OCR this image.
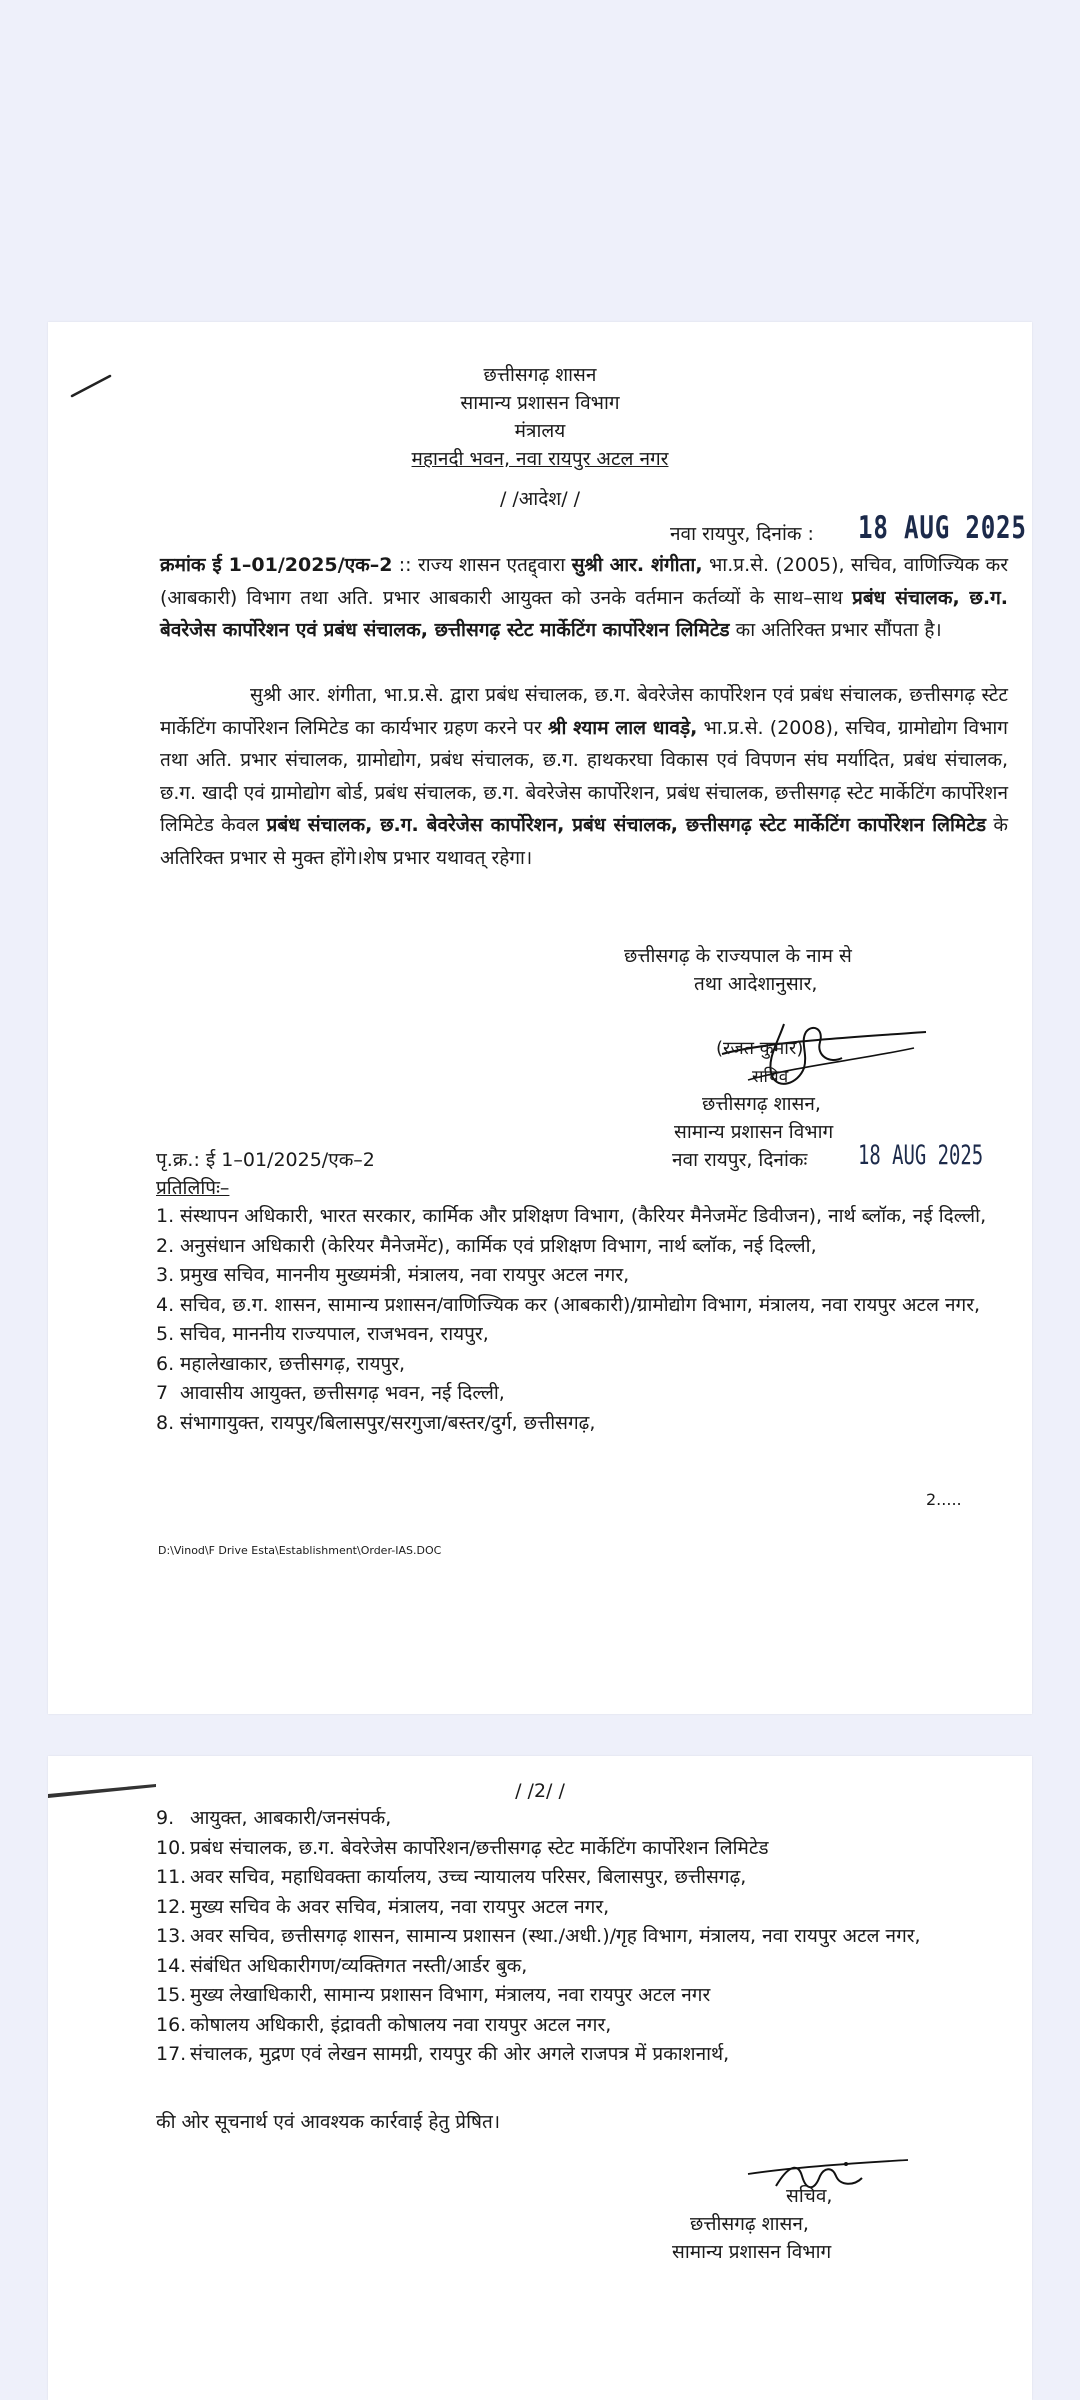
छत्तीसगढ़ शासन
सामान्य प्रशासन विभाग
मंत्रालय
महानदी भवन, नवा रायपुर अटल नगर
/ /आदेश/ /
नवा रायपुर, दिनांक : 18 AUG 2025
क्रमांक ई 1–01/2025/एक–2 :: राज्य शासन एतद्द्वारा सुश्री आर. शंगीता, भा.प्र.से. (2005), सचिव, वाणिज्यिक कर (आबकारी) विभाग तथा अति. प्रभार आबकारी आयुक्त को उनके वर्तमान कर्तव्यों के साथ–साथ प्रबंध संचालक, छ.ग. बेवरेजेस कार्पोरेशन एवं प्रबंध संचालक, छत्तीसगढ़ स्टेट मार्केटिंग कार्पोरेशन लिमिटेड का अतिरिक्त प्रभार सौंपता है।
सुश्री आर. शंगीता, भा.प्र.से. द्वारा प्रबंध संचालक, छ.ग. बेवरेजेस कार्पोरेशन एवं प्रबंध संचालक, छत्तीसगढ़ स्टेट मार्केटिंग कार्पोरेशन लिमिटेड का कार्यभार ग्रहण करने पर श्री श्याम लाल धावड़े, भा.प्र.से. (2008), सचिव, ग्रामोद्योग विभाग तथा अति. प्रभार संचालक, ग्रामोद्योग, प्रबंध संचालक, छ.ग. हाथकरघा विकास एवं विपणन संघ मर्यादित, प्रबंध संचालक, छ.ग. खादी एवं ग्रामोद्योग बोर्ड, प्रबंध संचालक, छ.ग. बेवरेजेस कार्पोरेशन, प्रबंध संचालक, छत्तीसगढ़ स्टेट मार्केटिंग कार्पोरेशन लिमिटेड केवल प्रबंध संचालक, छ.ग. बेवरेजेस कार्पोरेशन, प्रबंध संचालक, छत्तीसगढ़ स्टेट मार्केटिंग कार्पोरेशन लिमिटेड के अतिरिक्त प्रभार से मुक्त होंगे।शेष प्रभार यथावत् रहेगा।
छत्तीसगढ़ के राज्यपाल के नाम से
तथा आदेशानुसार,
(रजत कुमार)
सचिव
छत्तीसगढ़ शासन,
सामान्य प्रशासन विभाग
पृ.क्र.: ई 1–01/2025/एक–2	नवा रायपुर, दिनांकः 18 AUG 2025
प्रतिलिपिः–
1. संस्थापन अधिकारी, भारत सरकार, कार्मिक और प्रशिक्षण विभाग, (कैरियर मैनेजमेंट डिवीजन), नार्थ ब्लॉक, नई दिल्ली,
2. अनुसंधान अधिकारी (केरियर मैनेजमेंट), कार्मिक एवं प्रशिक्षण विभाग, नार्थ ब्लॉक, नई दिल्ली,
3. प्रमुख सचिव, माननीय मुख्यमंत्री, मंत्रालय, नवा रायपुर अटल नगर,
4. सचिव, छ.ग. शासन, सामान्य प्रशासन/वाणिज्यिक कर (आबकारी)/ग्रामोद्योग विभाग, मंत्रालय, नवा रायपुर अटल नगर,
5. सचिव, माननीय राज्यपाल, राजभवन, रायपुर,
6. महालेखाकार, छत्तीसगढ़, रायपुर,
7 आवासीय आयुक्त, छत्तीसगढ़ भवन, नई दिल्ली,
8. संभागायुक्त, रायपुर/बिलासपुर/सरगुजा/बस्तर/दुर्ग, छत्तीसगढ़,
2.....
D:\Vinod\F Drive Esta\Establishment\Order-IAS.DOC
/ /2/ /
9. आयुक्त, आबकारी/जनसंपर्क,
10. प्रबंध संचालक, छ.ग. बेवरेजेस कार्पोरेशन/छत्तीसगढ़ स्टेट मार्केटिंग कार्पोरेशन लिमिटेड
11. अवर सचिव, महाधिवक्ता कार्यालय, उच्च न्यायालय परिसर, बिलासपुर, छत्तीसगढ़,
12. मुख्य सचिव के अवर सचिव, मंत्रालय, नवा रायपुर अटल नगर,
13. अवर सचिव, छत्तीसगढ़ शासन, सामान्य प्रशासन (स्था./अधी.)/गृह विभाग, मंत्रालय, नवा रायपुर अटल नगर,
14. संबंधित अधिकारीगण/व्यक्तिगत नस्ती/आर्डर बुक,
15. मुख्य लेखाधिकारी, सामान्य प्रशासन विभाग, मंत्रालय, नवा रायपुर अटल नगर
16. कोषालय अधिकारी, इंद्रावती कोषालय नवा रायपुर अटल नगर,
17. संचालक, मुद्रण एवं लेखन सामग्री, रायपुर की ओर अगले राजपत्र में प्रकाशनार्थ,
की ओर सूचनार्थ एवं आवश्यक कार्रवाई हेतु प्रेषित।
सचिव,
छत्तीसगढ़ शासन,
सामान्य प्रशासन विभाग
